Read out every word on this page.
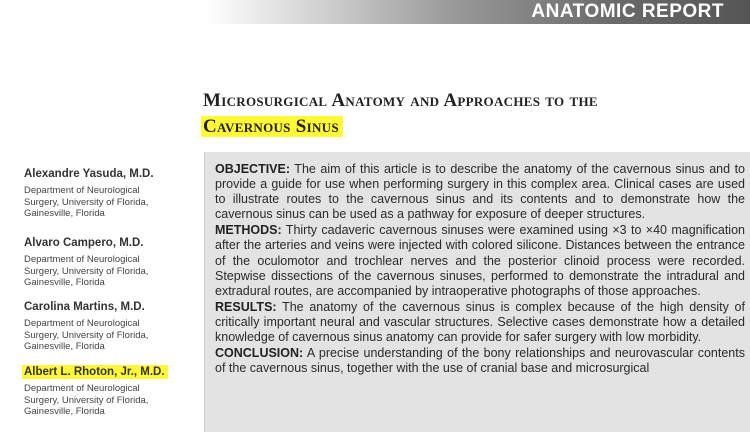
ANATOMIC REPORT
Microsurgical Anatomy and Approaches to the
Cavernous Sinus
Alexandre Yasuda, M.D.
Department of Neurological
Surgery, University of Florida,
Gainesville, Florida
Alvaro Campero, M.D.
Department of Neurological
Surgery, University of Florida,
Gainesville, Florida
Carolina Martins, M.D.
Department of Neurological
Surgery, University of Florida,
Gainesville, Florida
Albert L. Rhoton, Jr., M.D.
Department of Neurological
Surgery, University of Florida,
Gainesville, Florida

OBJECTIVE: The aim of this article is to describe the anatomy of the cavernous sinus and to provide a guide for use when performing surgery in this complex area. Clinical cases are used to illustrate routes to the cavernous sinus and its contents and to demonstrate how the cavernous sinus can be used as a pathway for exposure of deeper structures.

METHODS: Thirty cadaveric cavernous sinuses were examined using ×3 to ×40 magnification after the arteries and veins were injected with colored silicone. Distances between the entrance of the oculomotor and trochlear nerves and the posterior clinoid process were recorded. Stepwise dissections of the cavernous sinuses, performed to demonstrate the intradural and extradural routes, are accompanied by intraoperative photographs of those approaches.

RESULTS: The anatomy of the cavernous sinus is complex because of the high density of critically important neural and vascular structures. Selective cases demonstrate how a detailed knowledge of cavernous sinus anatomy can provide for safer surgery with low morbidity.

CONCLUSION: A precise understanding of the bony relationships and neurovascular contents of the cavernous sinus, together with the use of cranial base and microsurgical
